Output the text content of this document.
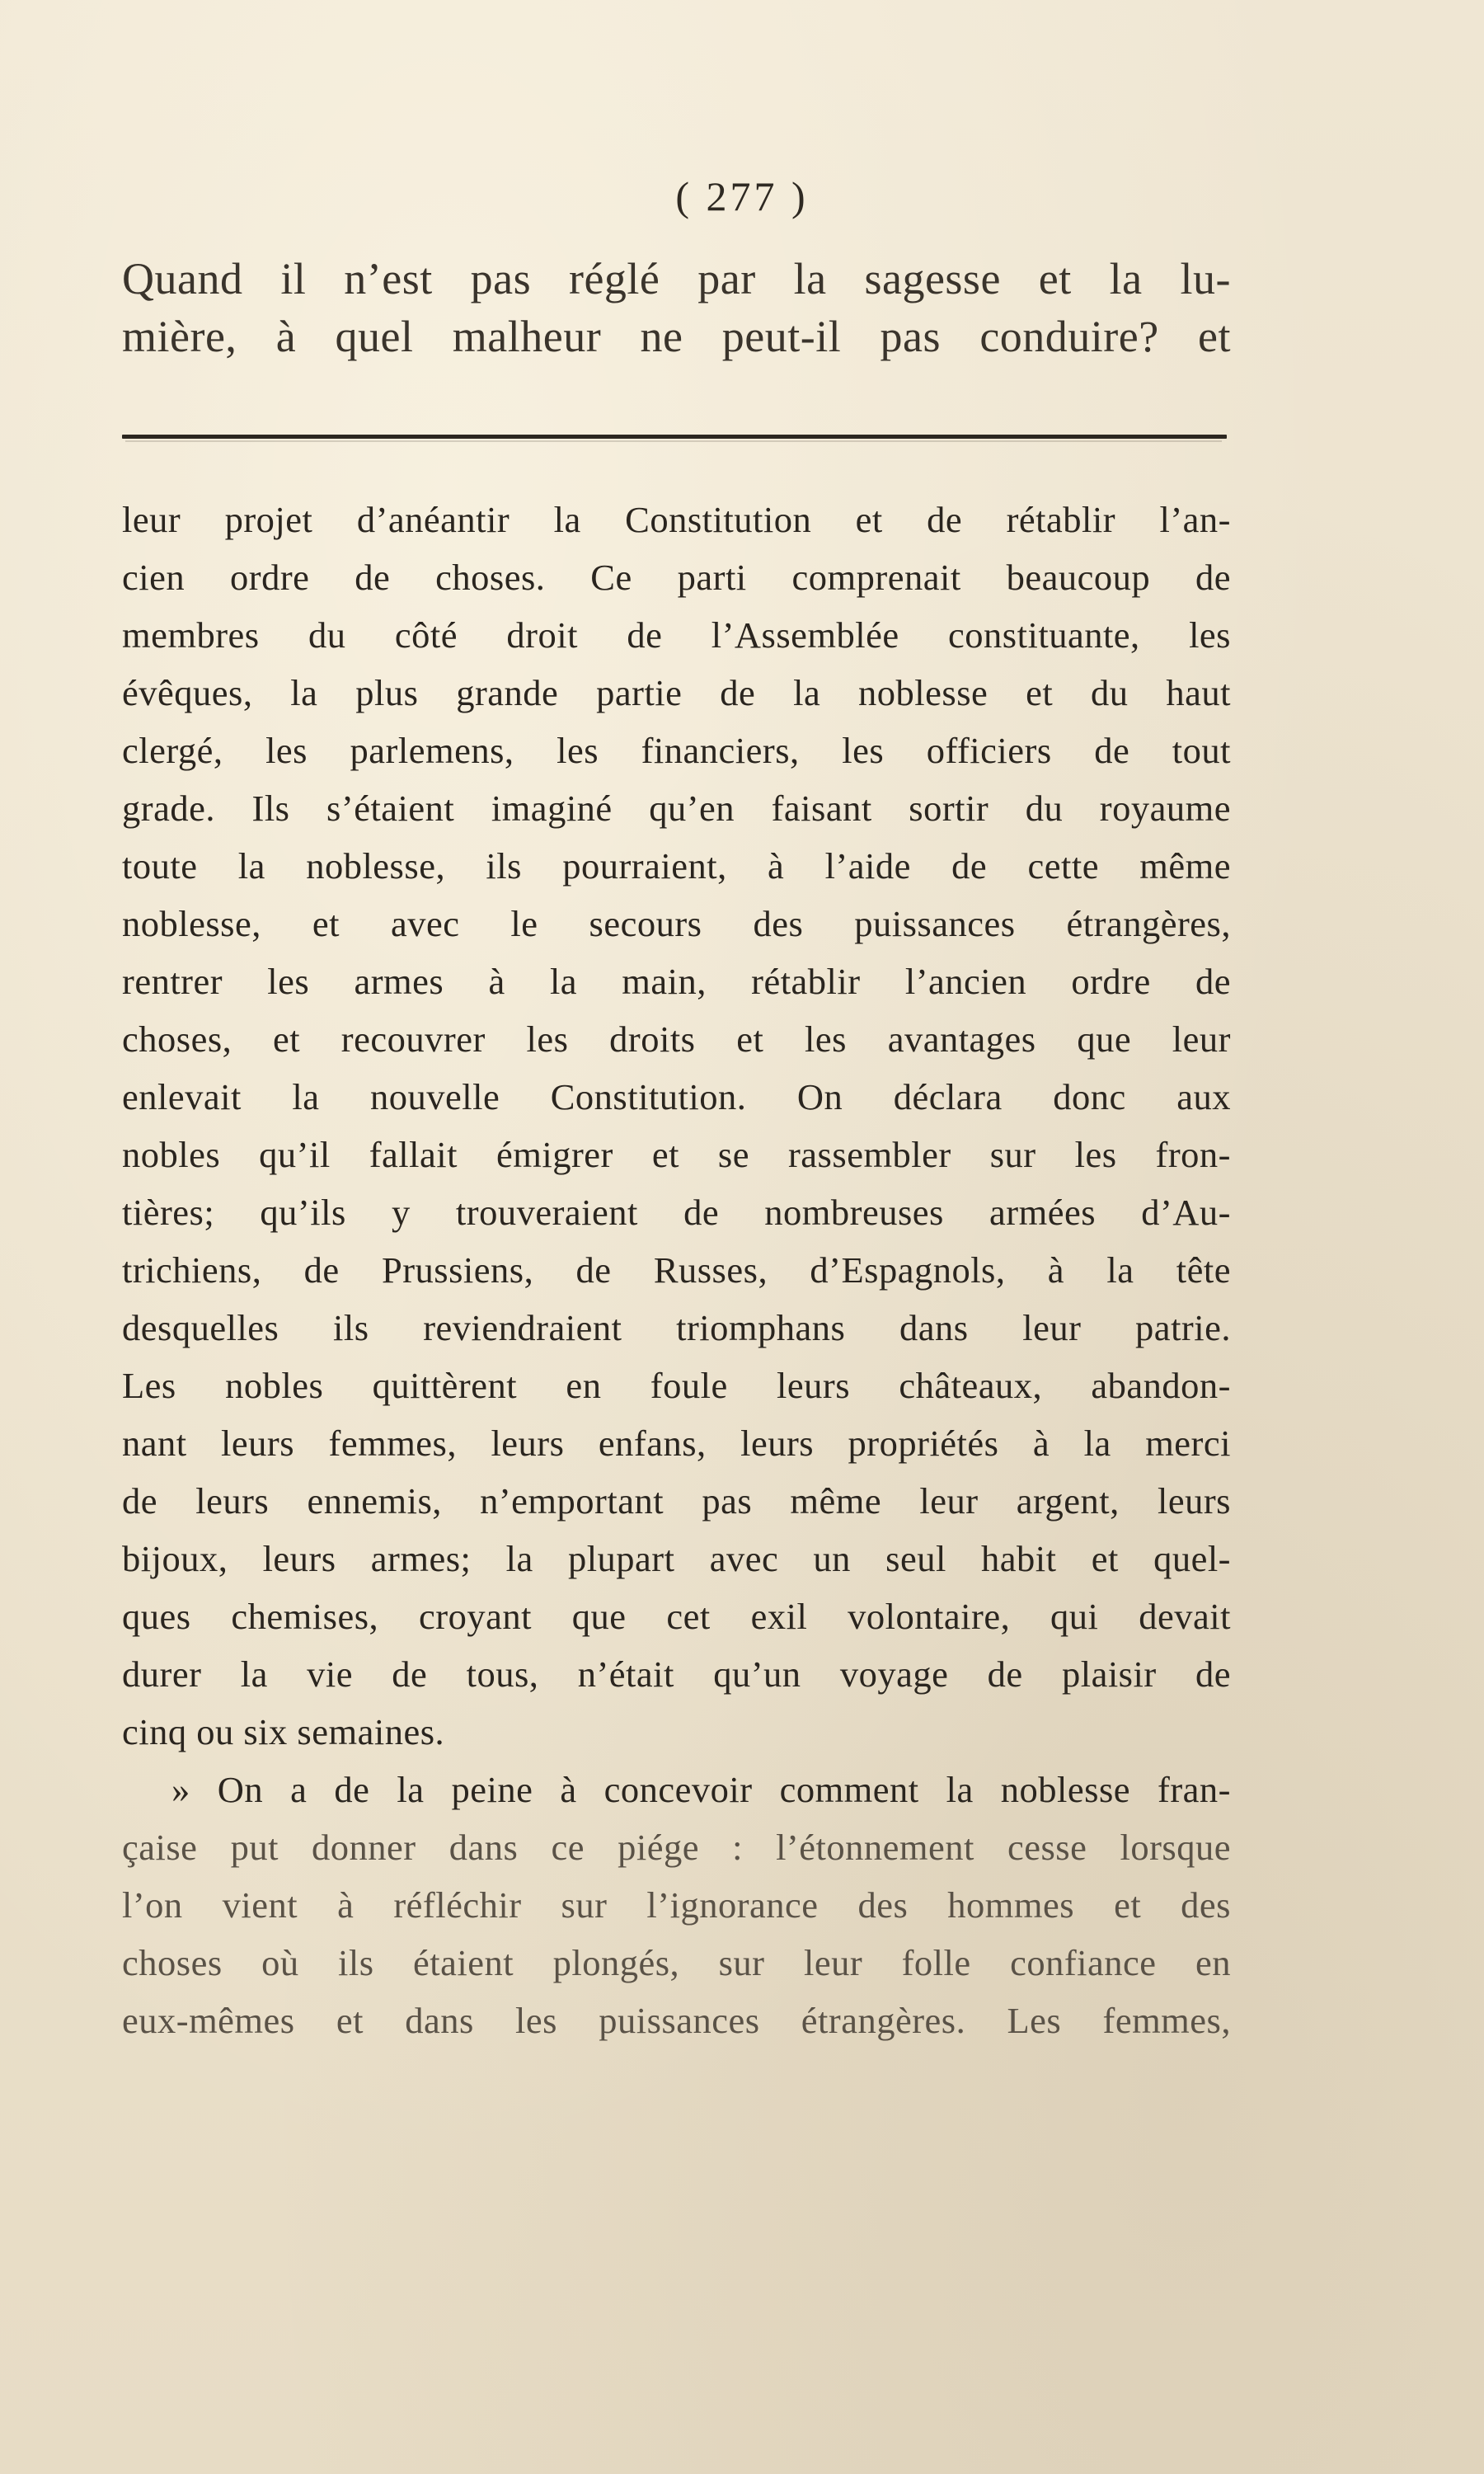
( 277 )
Quand il n’est pas réglé par la sagesse et la lu-
mière, à quel malheur ne peut-il pas conduire? et
leur projet d’anéantir la Constitution et de rétablir l’an-
cien ordre de choses. Ce parti comprenait beaucoup de
membres du côté droit de l’Assemblée constituante, les
évêques, la plus grande partie de la noblesse et du haut
clergé, les parlemens, les financiers, les officiers de tout
grade. Ils s’étaient imaginé qu’en faisant sortir du royaume
toute la noblesse, ils pourraient, à l’aide de cette même
noblesse, et avec le secours des puissances étrangères,
rentrer les armes à la main, rétablir l’ancien ordre de
choses, et recouvrer les droits et les avantages que leur
enlevait la nouvelle Constitution. On déclara donc aux
nobles qu’il fallait émigrer et se rassembler sur les fron-
tières; qu’ils y trouveraient de nombreuses armées d’Au-
trichiens, de Prussiens, de Russes, d’Espagnols, à la tête
desquelles ils reviendraient triomphans dans leur patrie.
Les nobles quittèrent en foule leurs châteaux, abandon-
nant leurs femmes, leurs enfans, leurs propriétés à la merci
de leurs ennemis, n’emportant pas même leur argent, leurs
bijoux, leurs armes; la plupart avec un seul habit et quel-
ques chemises, croyant que cet exil volontaire, qui devait
durer la vie de tous, n’était qu’un voyage de plaisir de
cinq ou six semaines.
» On a de la peine à concevoir comment la noblesse fran-
çaise put donner dans ce piége : l’étonnement cesse lorsque
l’on vient à réfléchir sur l’ignorance des hommes et des
choses où ils étaient plongés, sur leur folle confiance en
eux-mêmes et dans les puissances étrangères. Les femmes,
